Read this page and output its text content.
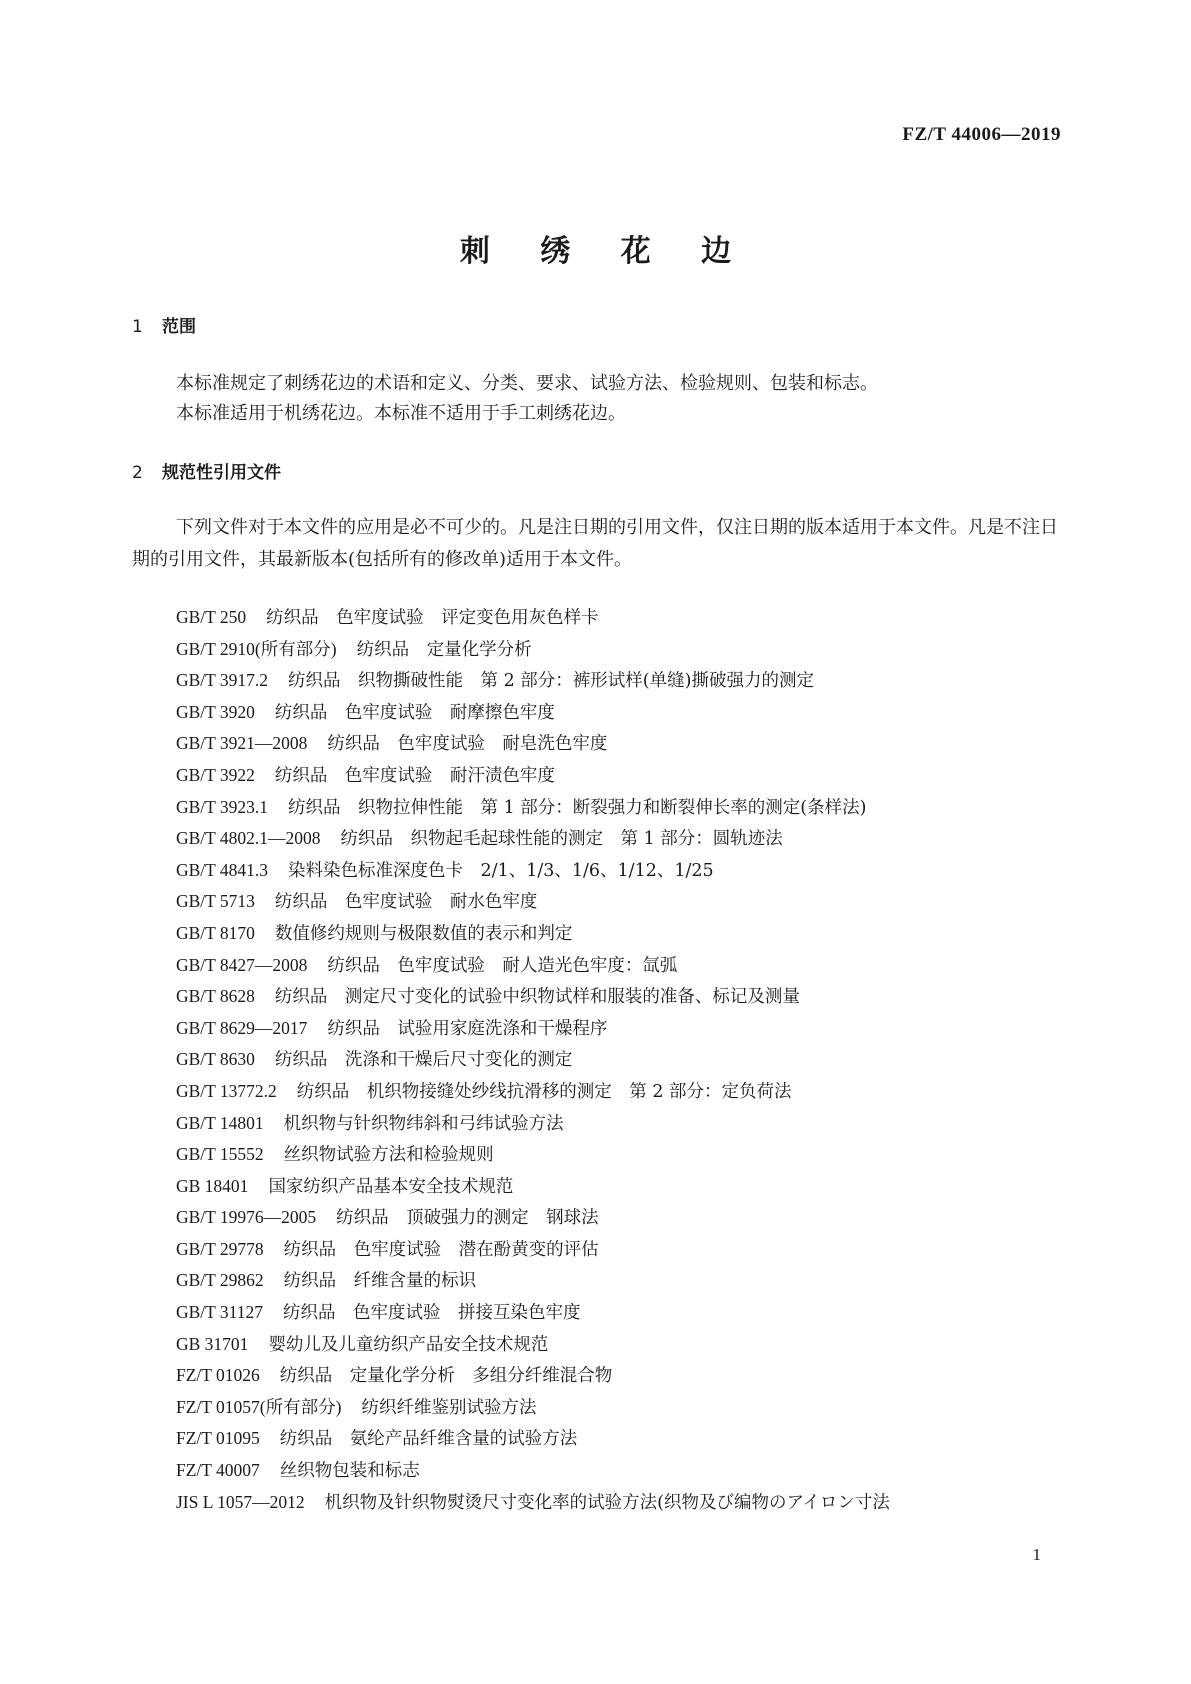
FZ/T 44006—2019
刺 绣 花 边
1 范围
本标准规定了刺绣花边的术语和定义、分类、要求、试验方法、检验规则、包装和标志。
本标准适用于机绣花边。本标准不适用于手工刺绣花边。
2 规范性引用文件
下列文件对于本文件的应用是必不可少的。凡是注日期的引用文件，仅注日期的版本适用于本文件。凡是不注日期的引用文件，其最新版本(包括所有的修改单)适用于本文件。
GB/T 250 纺织品　色牢度试验　评定变色用灰色样卡
GB/T 2910(所有部分) 纺织品　定量化学分析
GB/T 3917.2 纺织品　织物撕破性能　第 2 部分：裤形试样(单缝)撕破强力的测定
GB/T 3920 纺织品　色牢度试验　耐摩擦色牢度
GB/T 3921—2008 纺织品　色牢度试验　耐皂洗色牢度
GB/T 3922 纺织品　色牢度试验　耐汗渍色牢度
GB/T 3923.1 纺织品　织物拉伸性能　第 1 部分：断裂强力和断裂伸长率的测定(条样法)
GB/T 4802.1—2008 纺织品　织物起毛起球性能的测定　第 1 部分：圆轨迹法
GB/T 4841.3 染料染色标准深度色卡　2/1、1/3、1/6、1/12、1/25
GB/T 5713 纺织品　色牢度试验　耐水色牢度
GB/T 8170 数值修约规则与极限数值的表示和判定
GB/T 8427—2008 纺织品　色牢度试验　耐人造光色牢度：氙弧
GB/T 8628 纺织品　测定尺寸变化的试验中织物试样和服装的准备、标记及测量
GB/T 8629—2017 纺织品　试验用家庭洗涤和干燥程序
GB/T 8630 纺织品　洗涤和干燥后尺寸变化的测定
GB/T 13772.2 纺织品　机织物接缝处纱线抗滑移的测定　第 2 部分：定负荷法
GB/T 14801 机织物与针织物纬斜和弓纬试验方法
GB/T 15552 丝织物试验方法和检验规则
GB 18401 国家纺织产品基本安全技术规范
GB/T 19976—2005 纺织品　顶破强力的测定　钢球法
GB/T 29778 纺织品　色牢度试验　潜在酚黄变的评估
GB/T 29862 纺织品　纤维含量的标识
GB/T 31127 纺织品　色牢度试验　拼接互染色牢度
GB 31701 婴幼儿及儿童纺织产品安全技术规范
FZ/T 01026 纺织品　定量化学分析　多组分纤维混合物
FZ/T 01057(所有部分) 纺织纤维鉴别试验方法
FZ/T 01095 纺织品　氨纶产品纤维含量的试验方法
FZ/T 40007 丝织物包装和标志
JIS L 1057—2012 机织物及针织物熨烫尺寸变化率的试验方法(织物及び编物のアイロン寸法
1
